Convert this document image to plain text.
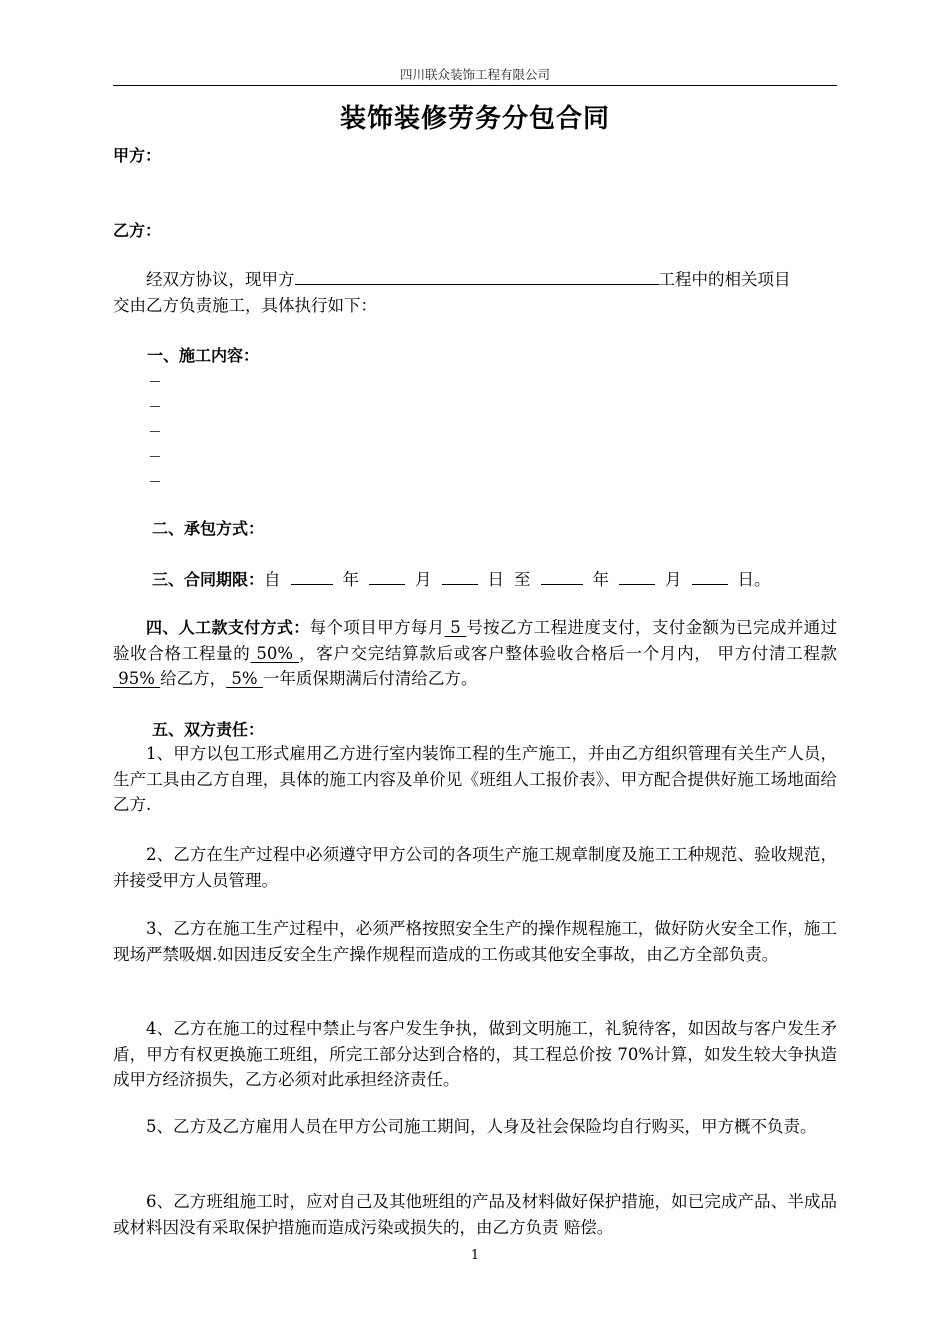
四川联众装饰工程有限公司
装饰装修劳务分包合同
甲方：
乙方：
经双方协议，现甲方	工程中的相关项目
交由乙方负责施工，具体执行如下：
一、施工内容：
二、承包方式：
三、合同期限： 自	年	月	日 至	年	月	日。
四、人工款支付方式：每个项目甲方每月 5 号按乙方工程进度支付，支付金额为已完成并通过验收合格工程量的 50% ，客户交完结算款后或客户整体验收合格后一个月内， 甲方付清工程款 95% 给乙方， 5% 一年质保期满后付清给乙方。
五、双方责任：
1、甲方以包工形式雇用乙方进行室内装饰工程的生产施工，并由乙方组织管理有关生产人员，生产工具由乙方自理，具体的施工内容及单价见《班组人工报价表》、甲方配合提供好施工场地面给乙方.
2、乙方在生产过程中必须遵守甲方公司的各项生产施工规章制度及施工工种规范、验收规范，并接受甲方人员管理。
3、乙方在施工生产过程中，必须严格按照安全生产的操作规程施工，做好防火安全工作，施工现场严禁吸烟.如因违反安全生产操作规程而造成的工伤或其他安全事故，由乙方全部负责。
4、乙方在施工的过程中禁止与客户发生争执，做到文明施工，礼貌待客，如因故与客户发生矛盾，甲方有权更换施工班组，所完工部分达到合格的，其工程总价按 70%计算，如发生较大争执造成甲方经济损失，乙方必须对此承担经济责任。
5、乙方及乙方雇用人员在甲方公司施工期间，人身及社会保险均自行购买，甲方概不负责。
6、乙方班组施工时，应对自己及其他班组的产品及材料做好保护措施，如已完成产品、半成品或材料因没有采取保护措施而造成污染或损失的，由乙方负责 赔偿。
1
